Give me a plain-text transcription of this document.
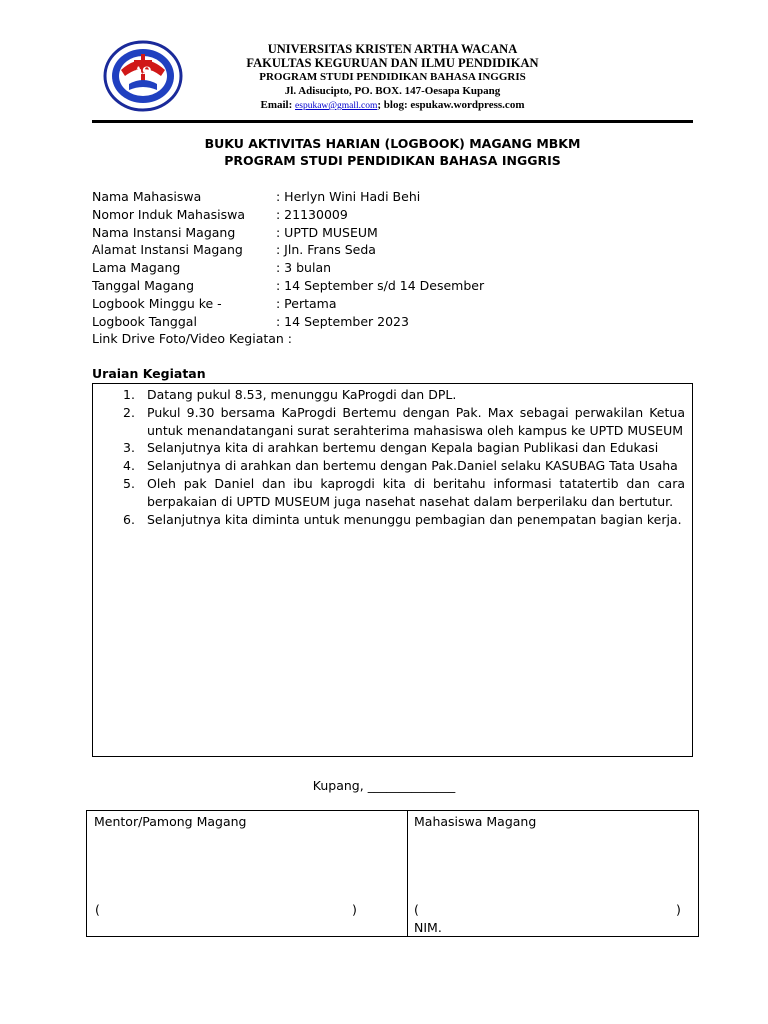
AΩ
UNIVERSITAS KRISTEN ARTHA WACANA
FAKULTAS KEGURUAN DAN ILMU PENDIDIKAN
PROGRAM STUDI PENDIDIKAN BAHASA INGGRIS
Jl. Adisucipto, PO. BOX. 147-Oesapa Kupang
Email: espukaw@gmall.com; blog: espukaw.wordpress.com
BUKU AKTIVITAS HARIAN (LOGBOOK) MAGANG MBKM
PROGRAM STUDI PENDIDIKAN BAHASA INGGRIS
Nama Mahasiswa	: Herlyn Wini Hadi Behi
Nomor Induk Mahasiswa : 21130009
Nama Instansi Magang	: UPTD MUSEUM
Alamat Instansi Magang	: Jln. Frans Seda
Lama Magang	: 3 bulan
Tanggal Magang	: 14 September s/d 14 Desember
Logbook Minggu ke -	: Pertama
Logbook Tanggal	: 14 September 2023
Link Drive Foto/Video Kegiatan :
Uraian Kegiatan
1. Datang pukul 8.53, menunggu KaProgdi dan DPL.
2. Pukul 9.30 bersama KaProgdi Bertemu dengan Pak. Max sebagai perwakilan Ketua untuk menandatangani surat serahterima mahasiswa oleh kampus ke UPTD MUSEUM
3. Selanjutnya kita di arahkan bertemu dengan Kepala bagian Publikasi dan Edukasi
4. Selanjutnya di arahkan dan bertemu dengan Pak.Daniel selaku KASUBAG Tata Usaha
5. Oleh pak Daniel dan ibu kaprogdi kita di beritahu informasi tatatertib dan cara berpakaian di UPTD MUSEUM juga nasehat nasehat dalam berperilaku dan bertutur.
6. Selanjutnya kita diminta untuk menunggu pembagian dan penempatan bagian kerja.
Kupang, ______________
Mentor/Pamong Magang
(	)
Mahasiswa Magang
(	)
NIM.
